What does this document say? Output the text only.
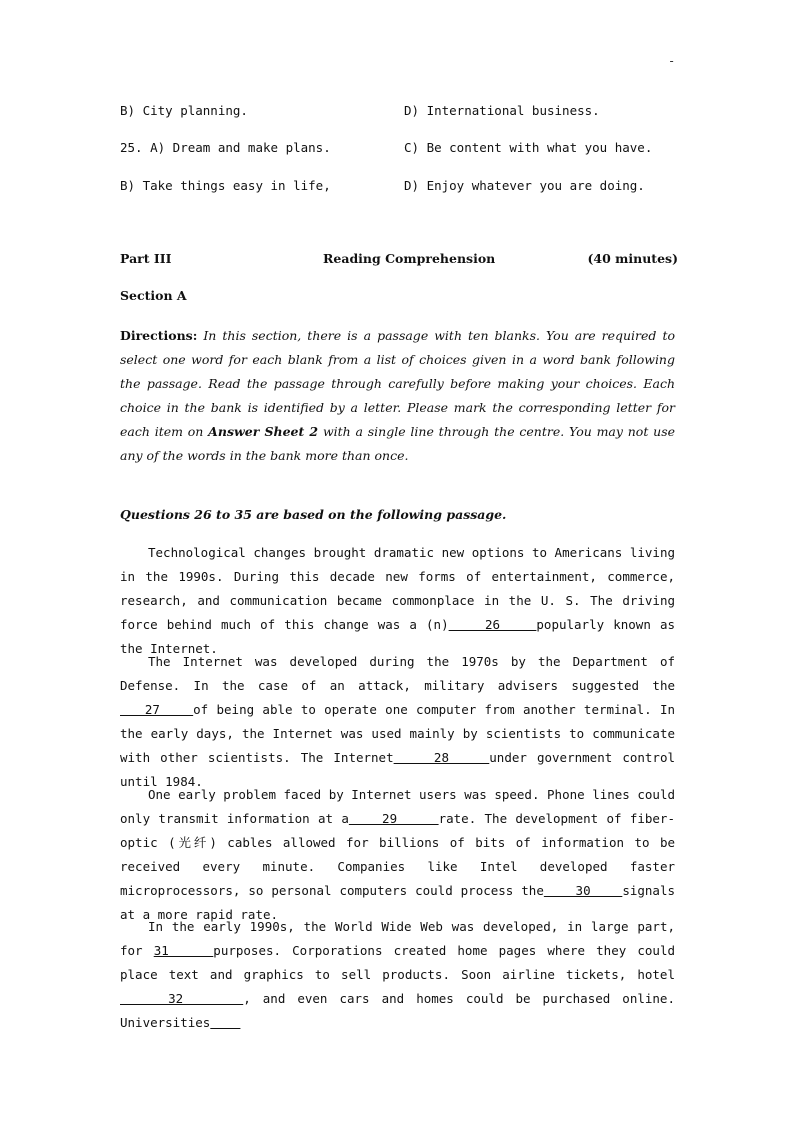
-
B) City planning.	D) International business.
25. A) Dream and make plans.	C) Be content with what you have.
B) Take things easy in life,	D) Enjoy whatever you are doing.
Part III	Reading Comprehension	(40 minutes)
Section A
Directions: In this section, there is a passage with ten blanks. You are required to select one word for each blank from a list of choices given in a word bank following the passage. Read the passage through carefully before making your choices. Each choice in the bank is identified by a letter. Please mark the corresponding letter for each item on Answer Sheet 2 with a single line through the centre. You may not use any of the words in the bank more than once.
Questions 26 to 35 are based on the following passage.
Technological changes brought dramatic new options to Americans living in the 1990s. During this decade new forms of entertainment, commerce, research, and communication became commonplace in the U. S. The driving force behind much of this change was a (n)    26    popularly known as the Internet.
The Internet was developed during the 1970s by the Department of Defense. In the case of an attack, military advisers suggested the   27    of being able to operate one computer from another terminal. In the early days, the Internet was used mainly by scientists to communicate with other scientists. The Internet    28    under government control until 1984.
One early problem faced by Internet users was speed. Phone lines could only transmit information at a    29     rate. The development of fiber-optic (光纤) cables allowed for billions of bits of information to be received every minute. Companies like Intel developed faster microprocessors, so personal computers could process the    30    signals at a more rapid rate.
In the early 1990s, the World Wide Web was developed, in large part, for 31    purposes. Corporations created home pages where they could place text and graphics to sell products. Soon airline tickets, hotel    32     , and even cars and homes could be purchased online. Universities
